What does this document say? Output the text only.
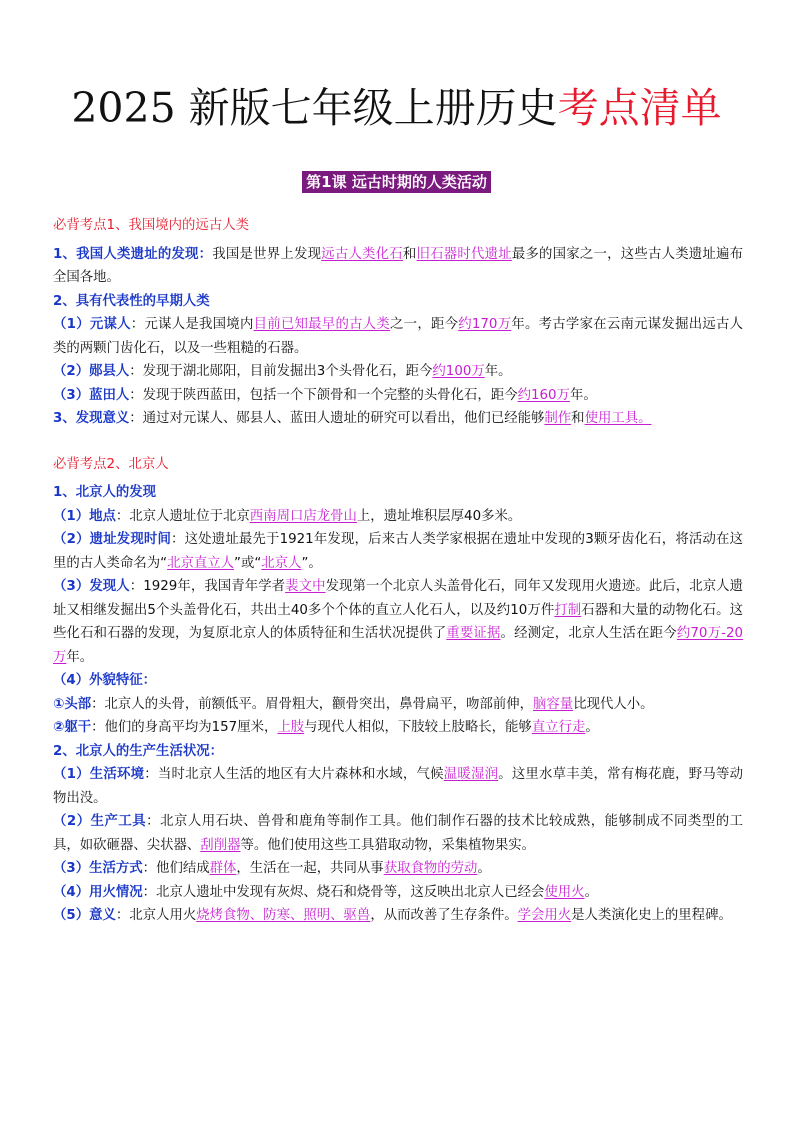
2025 新版七年级上册历史考点清单
第1课 远古时期的人类活动

必背考点1、我国境内的远古人类

1、我国人类遗址的发现：我国是世界上发现远古人类化石和旧石器时代遗址最多的国家之一，这些古人类遗址遍布全国各地。

2、具有代表性的早期人类

（1）元谋人：元谋人是我国境内目前已知最早的古人类之一，距今约170万年。考古学家在云南元谋发掘出远古人类的两颗门齿化石，以及一些粗糙的石器。

（2）郧县人：发现于湖北郧阳，目前发掘出3个头骨化石，距今约100万年。

（3）蓝田人：发现于陕西蓝田，包括一个下颌骨和一个完整的头骨化石，距今约160万年。

3、发现意义：通过对元谋人、郧县人、蓝田人遗址的研究可以看出，他们已经能够制作和使用工具。

必背考点2、北京人

1、北京人的发现

（1）地点：北京人遗址位于北京西南周口店龙骨山上，遗址堆积层厚40多米。

（2）遗址发现时间：这处遗址最先于1921年发现，后来古人类学家根据在遗址中发现的3颗牙齿化石，将活动在这里的古人类命名为“北京直立人”或“北京人”。

（3）发现人：1929年，我国青年学者裴文中发现第一个北京人头盖骨化石，同年又发现用火遗迹。此后，北京人遗址又相继发掘出5个头盖骨化石，共出土40多个个体的直立人化石人，以及约10万件打制石器和大量的动物化石。这些化石和石器的发现，为复原北京人的体质特征和生活状况提供了重要证据。经测定，北京人生活在距今约70万-20万年。

（4）外貌特征：

①头部：北京人的头骨，前额低平。眉骨粗大，颧骨突出，鼻骨扁平，吻部前伸，脑容量比现代人小。

②躯干：他们的身高平均为157厘米，上肢与现代人相似，下肢较上肢略长，能够直立行走。

2、北京人的生产生活状况：

（1）生活环境：当时北京人生活的地区有大片森林和水域，气候温暖湿润。这里水草丰美，常有梅花鹿，野马等动物出没。

（2）生产工具：北京人用石块、兽骨和鹿角等制作工具。他们制作石器的技术比较成熟，能够制成不同类型的工具，如砍砸器、尖状器、刮削器等。他们使用这些工具猎取动物，采集植物果实。

（3）生活方式：他们结成群体，生活在一起，共同从事获取食物的劳动。

（4）用火情况：北京人遗址中发现有灰烬、烧石和烧骨等，这反映出北京人已经会使用火。

（5）意义：北京人用火烧烤食物、防寒、照明、驱兽，从而改善了生存条件。学会用火是人类演化史上的里程碑。
